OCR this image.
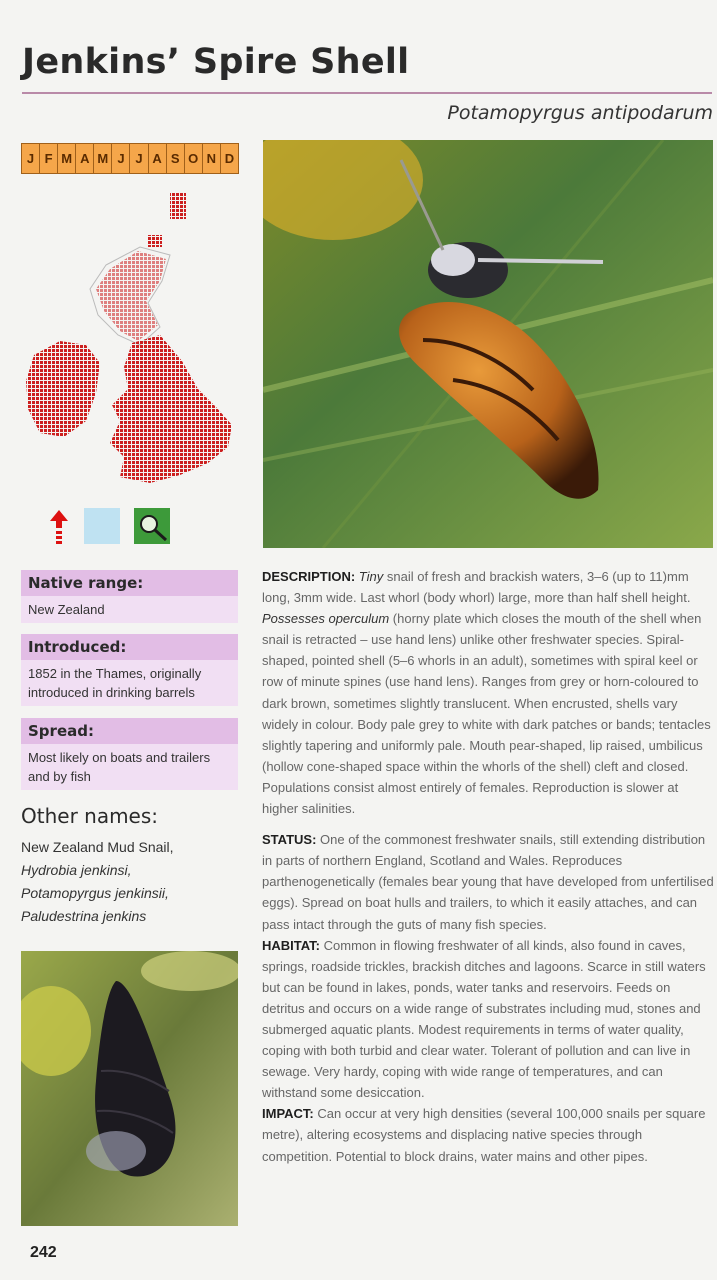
Jenkins’ Spire Shell
Potamopyrgus antipodarum
J F M A M J J A S O N D
Native range:
New Zealand
Introduced:
1852 in the Thames, originally introduced in drinking barrels
Spread:
Most likely on boats and trailers and by fish
Other names:
New Zealand Mud Snail, Hydrobia jenkinsi, Potamopyrgus jenkinsii, Paludestrina jenkins

DESCRIPTION: Tiny snail of fresh and brackish waters, 3–6 (up to 11)mm long, 3mm wide. Last whorl (body whorl) large, more than half shell height. Possesses operculum (horny plate which closes the mouth of the shell when snail is retracted – use hand lens) unlike other freshwater species. Spiral-shaped, pointed shell (5–6 whorls in an adult), sometimes with spiral keel or row of minute spines (use hand lens). Ranges from grey or horn-coloured to dark brown, sometimes slightly translucent. When encrusted, shells vary widely in colour. Body pale grey to white with dark patches or bands; tentacles slightly tapering and uniformly pale. Mouth pear-shaped, lip raised, umbilicus (hollow cone-shaped space within the whorls of the shell) cleft and closed. Populations consist almost entirely of females. Reproduction is slower at higher salinities.

STATUS: One of the commonest freshwater snails, still extending distribution in parts of northern England, Scotland and Wales. Reproduces parthenogenetically (females bear young that have developed from unfertilised eggs). Spread on boat hulls and trailers, to which it easily attaches, and can pass intact through the guts of many fish species.

HABITAT: Common in flowing freshwater of all kinds, also found in caves, springs, roadside trickles, brackish ditches and lagoons. Scarce in still waters but can be found in lakes, ponds, water tanks and reservoirs. Feeds on detritus and occurs on a wide range of substrates including mud, stones and submerged aquatic plants. Modest requirements in terms of water quality, coping with both turbid and clear water. Tolerant of pollution and can live in sewage. Very hardy, coping with wide range of temperatures, and can withstand some desiccation.

IMPACT: Can occur at very high densities (several 100,000 snails per square metre), altering ecosystems and displacing native species through competition. Potential to block drains, water mains and other pipes.

242
